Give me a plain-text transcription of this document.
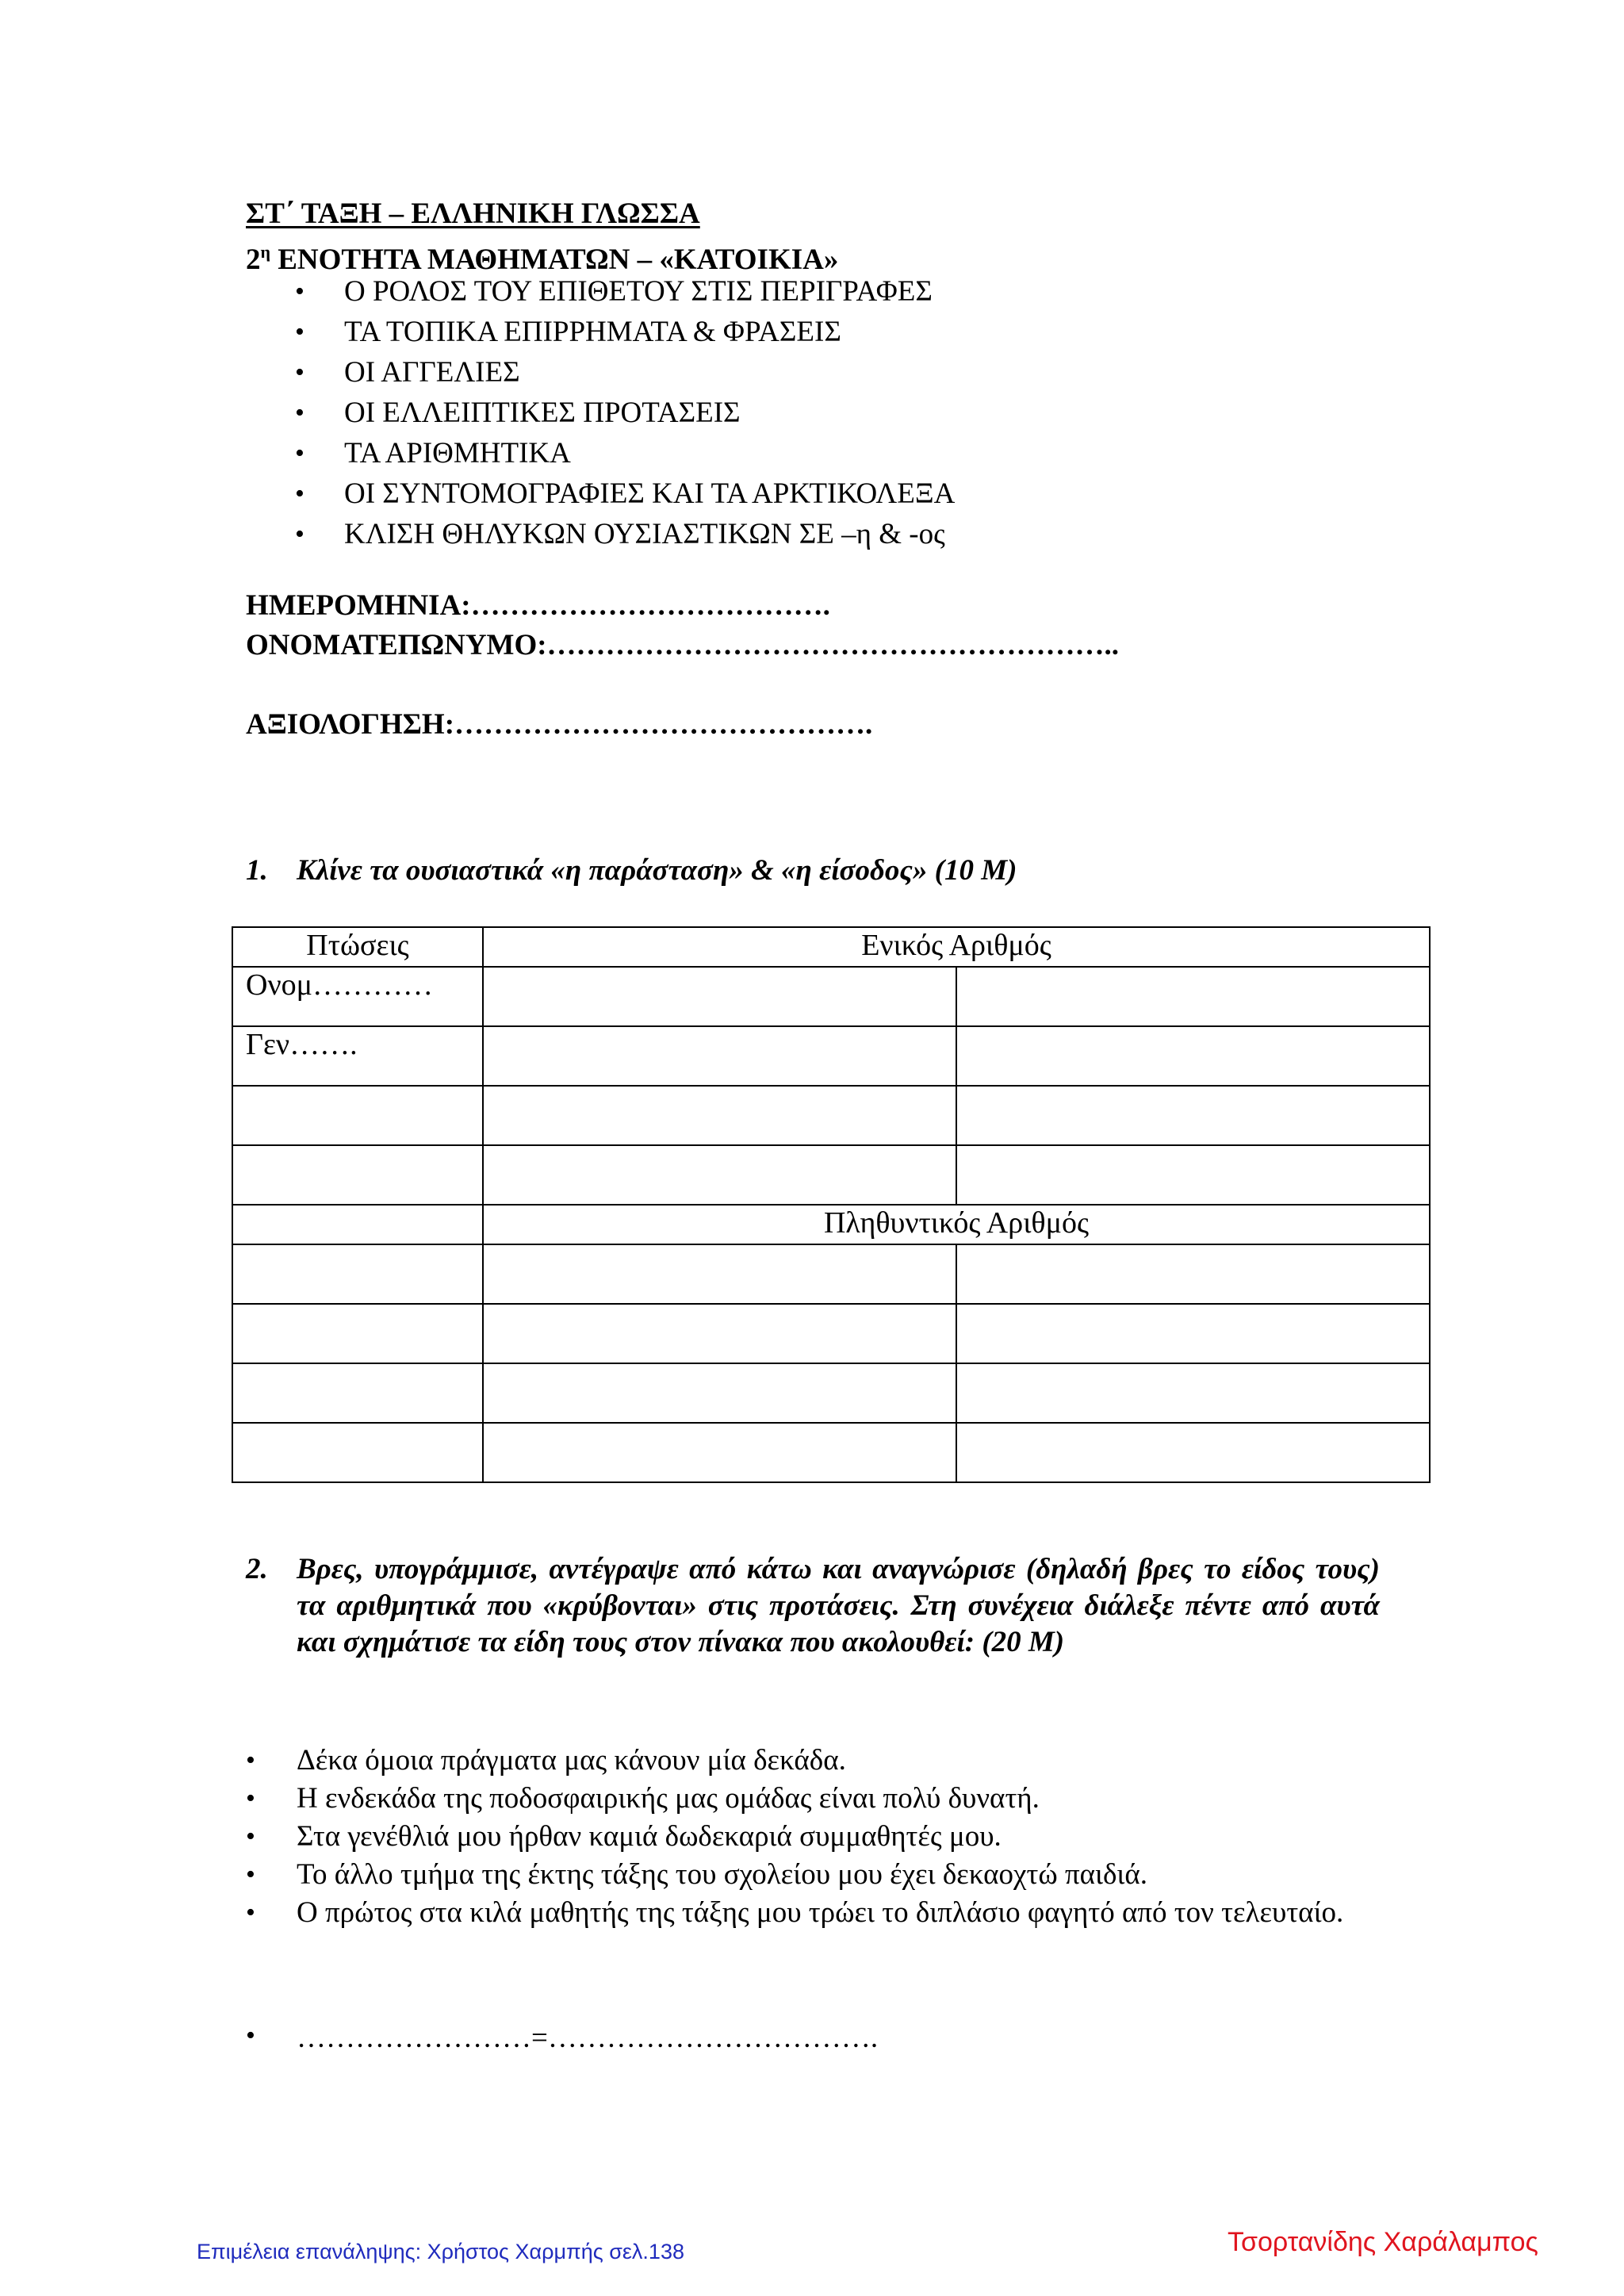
ΣΤ΄ ΤΑΞΗ – ΕΛΛΗΝΙΚΗ ΓΛΩΣΣΑ
$2^\eta$ ΕΝΟΤΗΤΑ ΜΑΘΗΜΑΤΩΝ – «ΚΑΤΟΙΚΙΑ»
• Ο ΡΟΛΟΣ ΤΟΥ ΕΠΙΘΕΤΟΥ ΣΤΙΣ ΠΕΡΙΓΡΑΦΕΣ
• ΤΑ ΤΟΠΙΚΑ ΕΠΙΡΡΗΜΑΤΑ & ΦΡΑΣΕΙΣ
• ΟΙ ΑΓΓΕΛΙΕΣ
• ΟΙ ΕΛΛΕΙΠΤΙΚΕΣ ΠΡΟΤΑΣΕΙΣ
• ΤΑ ΑΡΙΘΜΗΤΙΚΑ
• ΟΙ ΣΥΝΤΟΜΟΓΡΑΦΙΕΣ ΚΑΙ ΤΑ ΑΡΚΤΙΚΟΛΕΞΑ
• ΚΛΙΣΗ ΘΗΛΥΚΩΝ ΟΥΣΙΑΣΤΙΚΩΝ ΣΕ –η & -ος
ΗΜΕΡΟΜΗΝΙΑ:……………………………….
ΟΝΟΜΑΤΕΠΩΝΥΜΟ:…………………………………………………..
ΑΞΙΟΛΟΓΗΣΗ:…………………………………….
1. Κλίνε τα ουσιαστικά «η παράσταση» & «η είσοδος» (10 Μ)
Πτώσεις	Ενικός Αριθμός	
Ονομ…………		
Γεν…….		

	Πληθυντικός Αριθμός	

2. Βρες, υπογράμμισε, αντέγραψε από κάτω και αναγνώρισε (δηλαδή βρες το είδος τους) τα αριθμητικά που «κρύβονται» στις προτάσεις. Στη συνέχεια διάλεξε πέντε από αυτά και σχημάτισε τα είδη τους στον πίνακα που ακολουθεί: (20 Μ)
• Δέκα όμοια πράγματα μας κάνουν μία δεκάδα.
• Η ενδεκάδα της ποδοσφαιρικής μας ομάδας είναι πολύ δυνατή.
• Στα γενέθλιά μου ήρθαν καμιά δωδεκαριά συμμαθητές μου.
• Το άλλο τμήμα της έκτης τάξης του σχολείου μου έχει δεκαοχτώ παιδιά.
• Ο πρώτος στα κιλά μαθητής της τάξης μου τρώει το διπλάσιο φαγητό από τον τελευταίο.
• ……………………=…………………………….
Επιμέλεια επανάληψης: Χρήστος Χαρμπής σελ.138	Τσορτανίδης Χαράλαμπος
